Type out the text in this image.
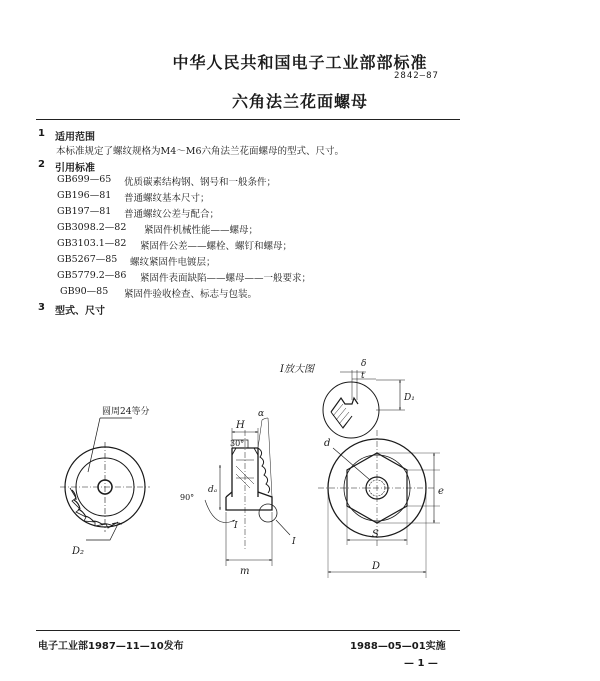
中华人民共和国电子工业部部标准
2842—87
六角法兰花面螺母
1 适用范围
本标准规定了螺纹规格为M4～M6六角法兰花面螺母的型式、尺寸。
2 引用标准
GB699—65 优质碳素结构钢、钢号和一般条件；
GB196—81 普通螺纹基本尺寸；
GB197—81 普通螺纹公差与配合；
GB3098.2—82 紧固件机械性能——螺母；
GB3103.1—82 紧固件公差——螺栓、螺钉和螺母；
GB5267—85 螺纹紧固件电镀层；
GB5779.2—86 紧固件表面缺陷——螺母——一般要求；
GB90—85 紧固件验收检查、标志与包装。
3 型式、尺寸
圆周24等分
D₂
H
30°
90°
dₐ
α
I
I
m
I放大图	δ
t
D₁
d
e
S
D
电子工业部1987—11—10发布	1988—05—01实施
— 1 —
